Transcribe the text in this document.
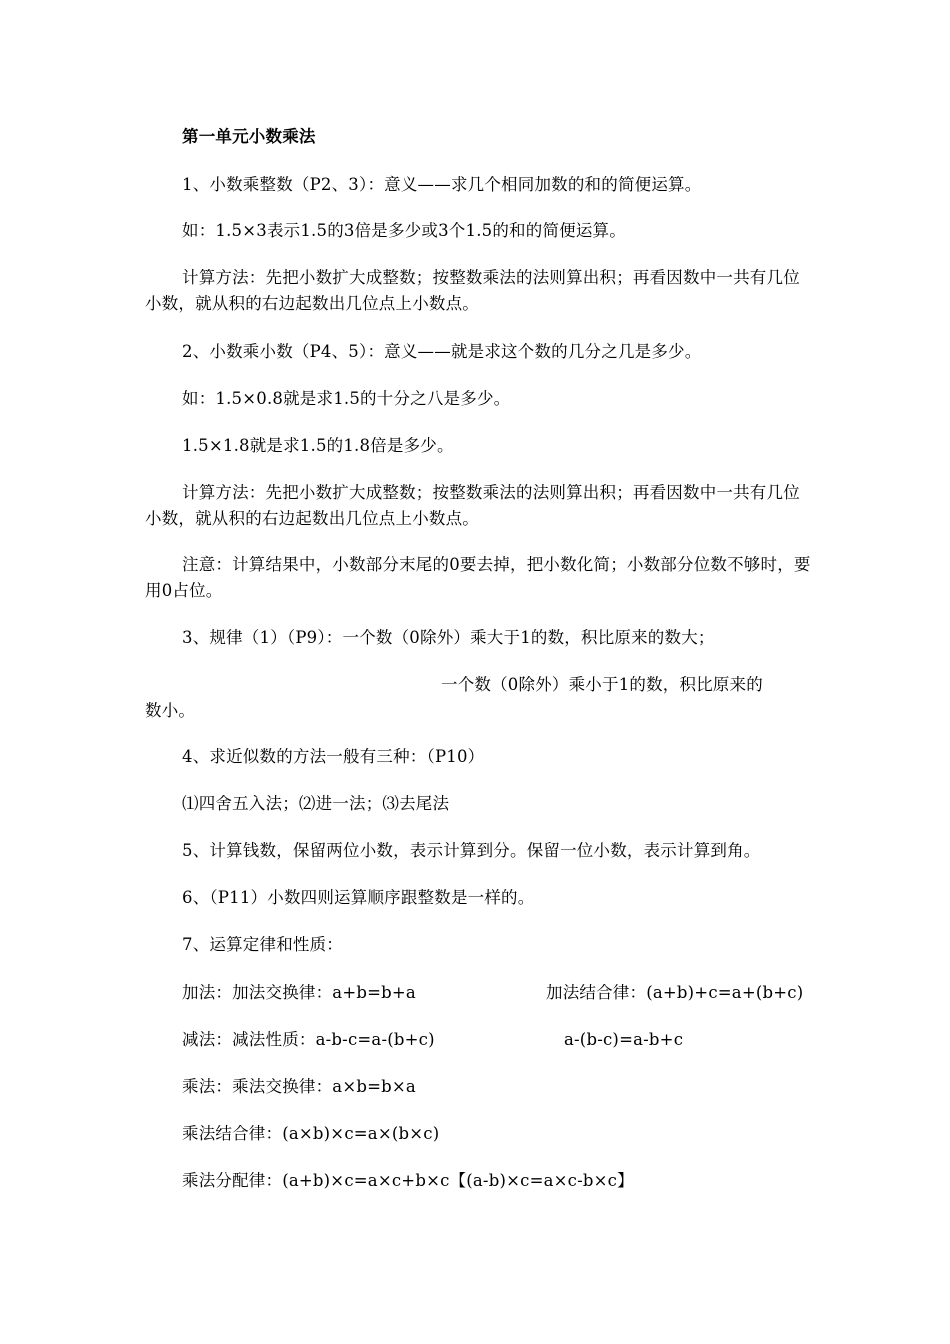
第一单元小数乘法
1、小数乘整数（P2、3）：意义——求几个相同加数的和的简便运算。
如：1.5×3表示1.5的3倍是多少或3个1.5的和的简便运算。
计算方法：先把小数扩大成整数；按整数乘法的法则算出积；再看因数中一共有几位小数，就从积的右边起数出几位点上小数点。
2、小数乘小数（P4、5）：意义——就是求这个数的几分之几是多少。
如：1.5×0.8就是求1.5的十分之八是多少。
1.5×1.8就是求1.5的1.8倍是多少。
计算方法：先把小数扩大成整数；按整数乘法的法则算出积；再看因数中一共有几位小数，就从积的右边起数出几位点上小数点。
注意：计算结果中，小数部分末尾的0要去掉，把小数化简；小数部分位数不够时，要用0占位。
3、规律（1）（P9）：一个数（0除外）乘大于1的数，积比原来的数大；
一个数（0除外）乘小于1的数，积比原来的
数小。
4、求近似数的方法一般有三种：（P10）
⑴四舍五入法；⑵进一法；⑶去尾法
5、计算钱数，保留两位小数，表示计算到分。保留一位小数，表示计算到角。
6、（P11）小数四则运算顺序跟整数是一样的。
7、运算定律和性质：
加法：加法交换律：a+b=b+a	加法结合律：(a+b)+c=a+(b+c)
减法：减法性质：a-b-c=a-(b+c)	a-(b-c)=a-b+c
乘法：乘法交换律：a×b=b×a
乘法结合律：(a×b)×c=a×(b×c)
乘法分配律：(a+b)×c=a×c+b×c【(a-b)×c=a×c-b×c】
